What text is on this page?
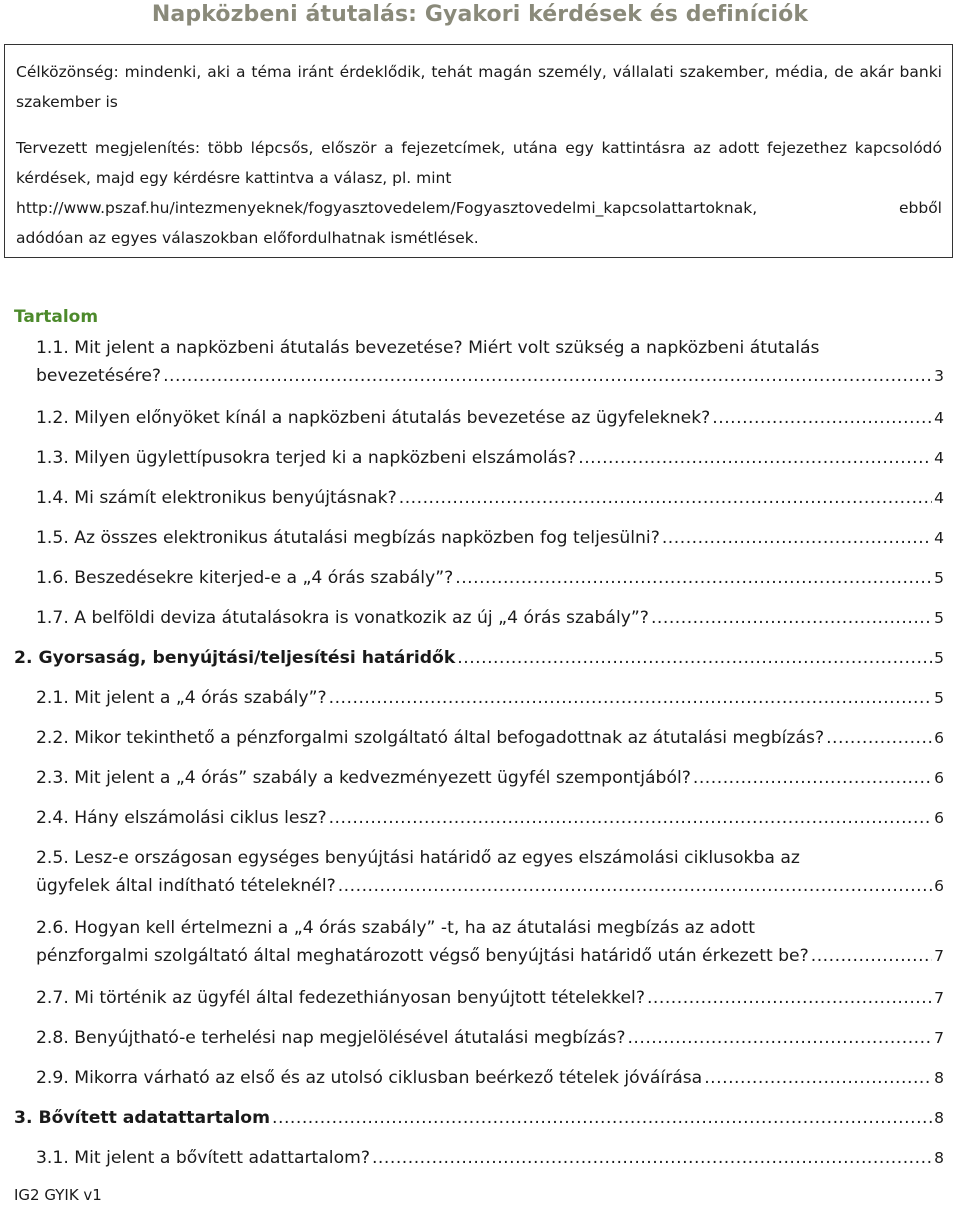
Napközbeni átutalás: Gyakori kérdések és definíciók

Célközönség: mindenki, aki a téma iránt érdeklődik, tehát magán személy, vállalati szakember, média, de akár banki szakember is

Tervezett megjelenítés: több lépcsős, először a fejezetcímek, utána egy kattintásra az adott fejezethez kapcsolódó kérdések, majd egy kérdésre kattintva a válasz, pl. mint
http://www.pszaf.hu/intezmenyeknek/fogyasztovedelem/Fogyasztovedelmi_kapcsolattartoknak,	ebből
adódóan az egyes válaszokban előfordulhatnak ismétlések.

Tartalom
1.1. Mit jelent a napközbeni átutalás bevezetése? Miért volt szükség a napközbeni átutalás
bevezetésére? .....	3
1.2. Milyen előnyöket kínál a napközbeni átutalás bevezetése az ügyfeleknek? .....	4
1.3. Milyen ügylettípusokra terjed ki a napközbeni elszámolás? .....	4
1.4. Mi számít elektronikus benyújtásnak? .....	4
1.5. Az összes elektronikus átutalási megbízás napközben fog teljesülni? .....	4
1.6. Beszedésekre kiterjed-e a „4 órás szabály”? .....	5
1.7. A belföldi deviza átutalásokra is vonatkozik az új „4 órás szabály”? .....	5
2. Gyorsaság, benyújtási/teljesítési határidők .....	5
2.1. Mit jelent a „4 órás szabály”? .....	5
2.2. Mikor tekinthető a pénzforgalmi szolgáltató által befogadottnak az átutalási megbízás? .....	6
2.3. Mit jelent a „4 órás” szabály a kedvezményezett ügyfél szempontjából? .....	6
2.4. Hány elszámolási ciklus lesz? .....	6
2.5. Lesz-e országosan egységes benyújtási határidő az egyes elszámolási ciklusokba az
ügyfelek által indítható tételeknél? .....	6
2.6. Hogyan kell értelmezni a „4 órás szabály” -t, ha az átutalási megbízás az adott
pénzforgalmi szolgáltató által meghatározott végső benyújtási határidő után érkezett be? .....	7
2.7. Mi történik az ügyfél által fedezethiányosan benyújtott tételekkel? .....	7
2.8. Benyújtható-e terhelési nap megjelölésével átutalási megbízás? .....	7
2.9. Mikorra várható az első és az utolsó ciklusban beérkező tételek jóváírása .....	8
3. Bővített adatattartalom .....	8
3.1. Mit jelent a bővített adattartalom? .....	8
IG2 GYIK v1
